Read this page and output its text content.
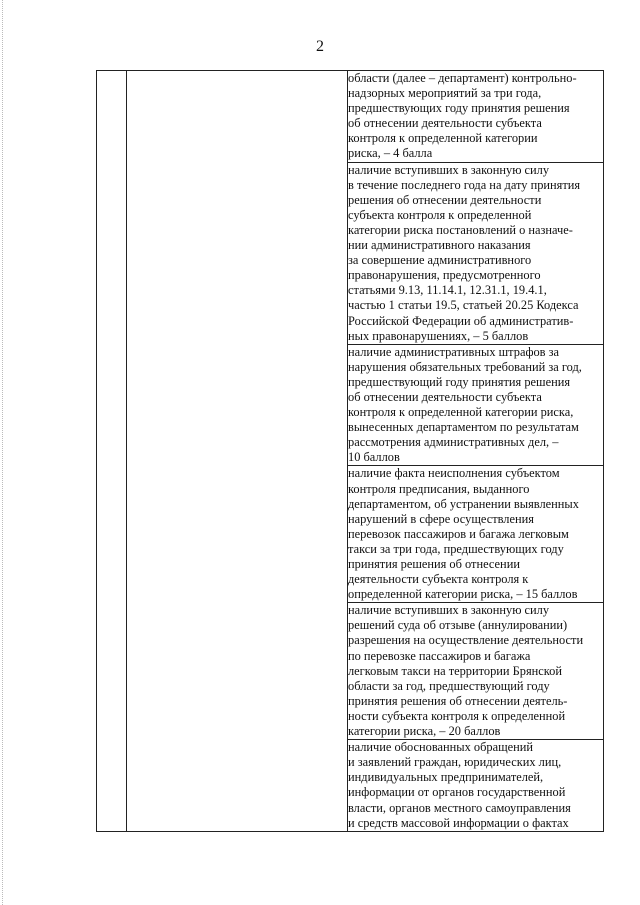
2

области (далее – департамент) контрольно-
надзорных мероприятий за три года,
предшествующих году принятия решения
об отнесении деятельности субъекта
контроля к определенной категории
риска, – 4 балла

наличие вступивших в законную силу
в течение последнего года на дату принятия
решения об отнесении деятельности
субъекта контроля к определенной
категории риска постановлений о назначе-
нии административного наказания
за совершение административного
правонарушения, предусмотренного
статьями 9.13, 11.14.1, 12.31.1, 19.4.1,
частью 1 статьи 19.5, статьей 20.25 Кодекса
Российской Федерации об административ-
ных правонарушениях, – 5 баллов

наличие административных штрафов за
нарушения обязательных требований за год,
предшествующий году принятия решения
об отнесении деятельности субъекта
контроля к определенной категории риска,
вынесенных департаментом по результатам
рассмотрения административных дел, –
10 баллов

наличие факта неисполнения субъектом
контроля предписания, выданного
департаментом, об устранении выявленных
нарушений в сфере осуществления
перевозок пассажиров и багажа легковым
такси за три года, предшествующих году
принятия решения об отнесении
деятельности субъекта контроля к
определенной категории риска, – 15 баллов

наличие вступивших в законную силу
решений суда об отзыве (аннулировании)
разрешения на осуществление деятельности
по перевозке пассажиров и багажа
легковым такси на территории Брянской
области за год, предшествующий году
принятия решения об отнесении деятель-
ности субъекта контроля к определенной
категории риска, – 20 баллов

наличие обоснованных обращений
и заявлений граждан, юридических лиц,
индивидуальных предпринимателей,
информации от органов государственной
власти, органов местного самоуправления
и средств массовой информации о фактах
